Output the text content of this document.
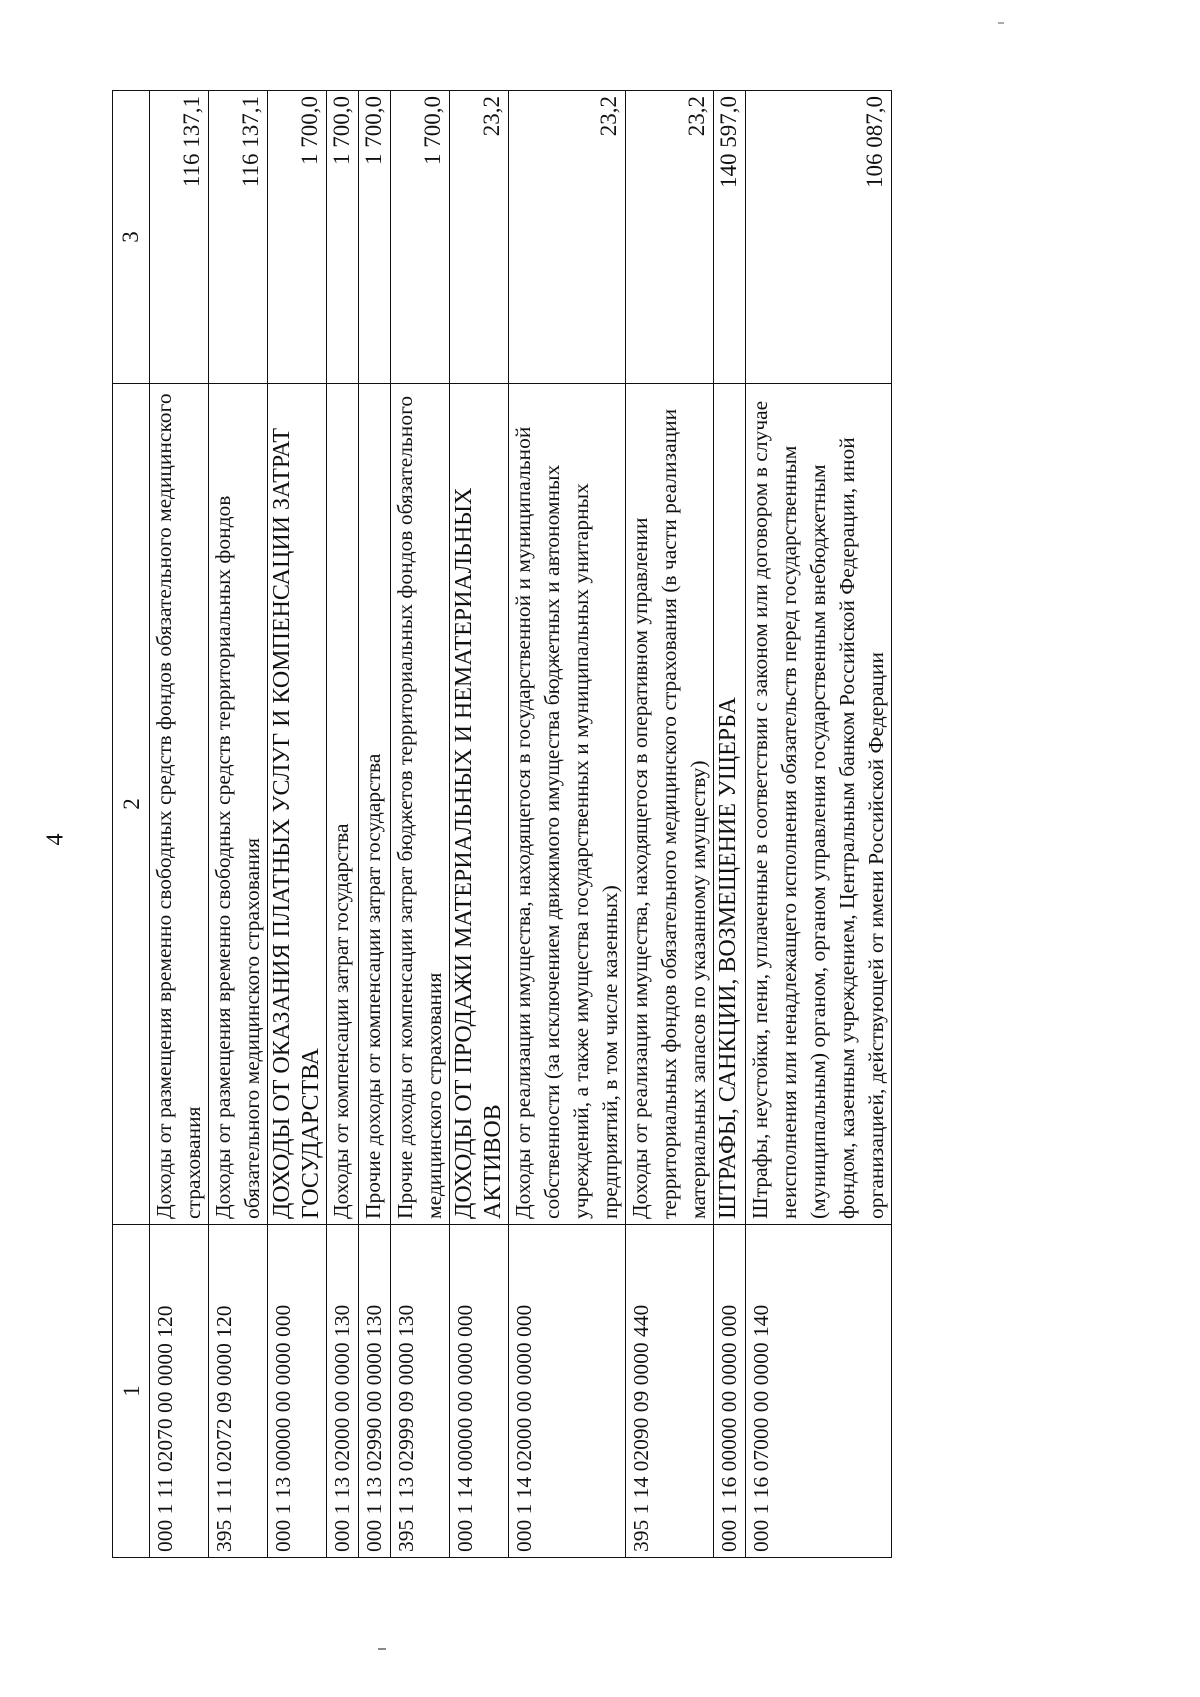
4
1	2	3
000 1 11 02070 00 0000 120	Доходы от размещения временно свободных средств фондов обязательного медицинского страхования	116 137,1
395 1 11 02072 09 0000 120	Доходы от размещения временно свободных средств территориальных фондов обязательного медицинского страхования	116 137,1
000 1 13 00000 00 0000 000	ДОХОДЫ ОТ ОКАЗАНИЯ ПЛАТНЫХ УСЛУГ И КОМПЕНСАЦИИ ЗАТРАТ ГОСУДАРСТВА	1 700,0
000 1 13 02000 00 0000 130	Доходы от компенсации затрат государства	1 700,0
000 1 13 02990 00 0000 130	Прочие доходы от компенсации затрат государства	1 700,0
395 1 13 02999 09 0000 130	Прочие доходы от компенсации затрат бюджетов территориальных фондов обязательного медицинского страхования	1 700,0
000 1 14 00000 00 0000 000	ДОХОДЫ ОТ ПРОДАЖИ МАТЕРИАЛЬНЫХ И НЕМАТЕРИАЛЬНЫХ АКТИВОВ	23,2
000 1 14 02000 00 0000 000	Доходы от реализации имущества, находящегося в государственной и муниципальной собственности (за исключением движимого имущества бюджетных и автономных учреждений, а также имущества государственных и муниципальных унитарных предприятий, в том числе казенных)	23,2
395 1 14 02090 09 0000 440	Доходы от реализации имущества, находящегося в оперативном управлении территориальных фондов обязательного медицинского страхования (в части реализации материальных запасов по указанному имуществу)	23,2
000 1 16 00000 00 0000 000	ШТРАФЫ, САНКЦИИ, ВОЗМЕЩЕНИЕ УЩЕРБА	140 597,0
000 1 16 07000 00 0000 140	Штрафы, неустойки, пени, уплаченные в соответствии с законом или договором в случае неисполнения или ненадлежащего исполнения обязательств перед государственным (муниципальным) органом, органом управления государственным внебюджетным фондом, казенным учреждением, Центральным банком Российской Федерации, иной организацией, действующей от имени Российской Федерации	106 087,0
